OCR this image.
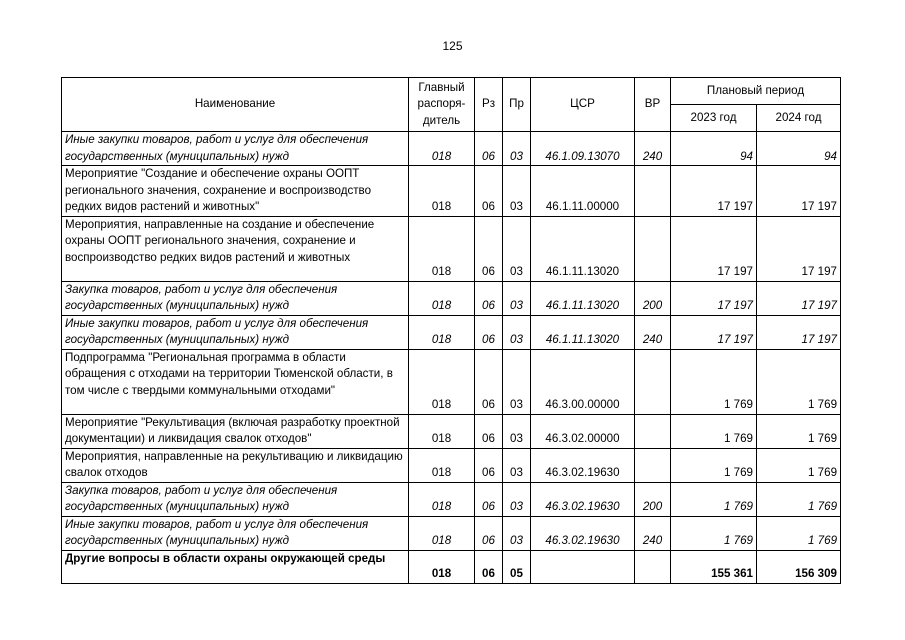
125
Наименование	Главный
распоря-
дитель	Рз	Пр	ЦСР	ВР	Плановый период	
						2023 год	2024 год
Иные закупки товаров, работ и услуг для обеспечения государственных (муниципальных) нужд	018	06	03	46.1.09.13070	240	94	94
Мероприятие "Создание и обеспечение охраны ООПТ регионального значения, сохранение и воспроизводство редких видов растений и животных"	018	06	03	46.1.11.00000		17 197	17 197
Мероприятия, направленные на создание и обеспечение охраны ООПТ регионального значения, сохранение и воспроизводство редких видов растений и животных	018	06	03	46.1.11.13020		17 197	17 197
Закупка товаров, работ и услуг для обеспечения государственных (муниципальных) нужд	018	06	03	46.1.11.13020	200	17 197	17 197
Иные закупки товаров, работ и услуг для обеспечения государственных (муниципальных) нужд	018	06	03	46.1.11.13020	240	17 197	17 197
Подпрограмма "Региональная программа в области обращения с отходами на территории Тюменской области, в том числе с твердыми коммунальными отходами"	018	06	03	46.3.00.00000		1 769	1 769
Мероприятие "Рекультивация (включая разработку проектной документации) и ликвидация свалок отходов"	018	06	03	46.3.02.00000		1 769	1 769
Мероприятия, направленные на рекультивацию и ликвидацию свалок отходов	018	06	03	46.3.02.19630		1 769	1 769
Закупка товаров, работ и услуг для обеспечения государственных (муниципальных) нужд	018	06	03	46.3.02.19630	200	1 769	1 769
Иные закупки товаров, работ и услуг для обеспечения государственных (муниципальных) нужд	018	06	03	46.3.02.19630	240	1 769	1 769
Другие вопросы в области охраны окружающей среды	018	06	05			155 361	156 309
